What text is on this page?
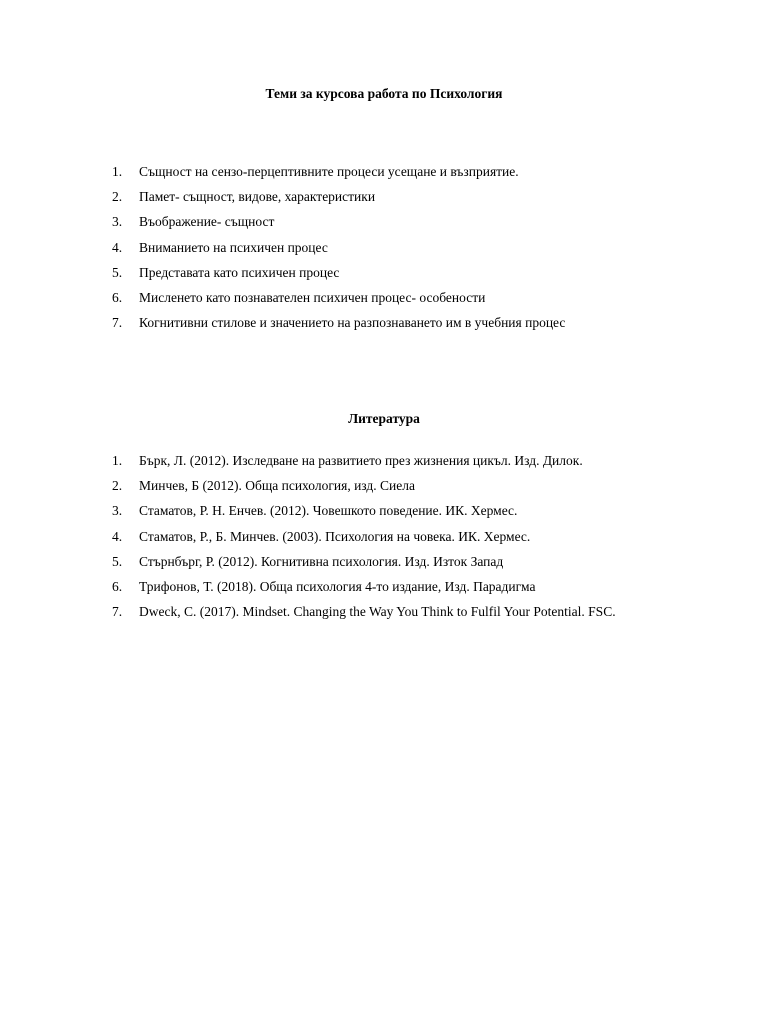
Теми за курсова работа по Психология
1. Същност на сензо-перцептивните процеси усещане и възприятие.
2. Памет- същност, видове, характеристики
3. Въображение- същност
4. Вниманието на психичен процес
5. Представата като психичен процес
6. Мисленето като познавателен психичен процес- особености
7. Когнитивни стилове и значението на разпознаването им в учебния процес
Литература
1. Бърк, Л. (2012). Изследване на развитието през жизнения цикъл. Изд. Дилок.
2. Минчев, Б (2012). Обща психология, изд. Сиела
3. Стаматов, Р. Н. Енчев. (2012). Човешкото поведение. ИК. Хермес.
4. Стаматов, Р., Б. Минчев. (2003). Психология на човека. ИК. Хермес.
5. Стърнбърг, Р. (2012). Когнитивна психология. Изд. Изток Запад
6. Трифонов, Т. (2018). Обща психология 4-то издание, Изд. Парадигма
7. Dweck, C. (2017). Mindset. Changing the Way You Think to Fulfil Your Potential. FSC.
